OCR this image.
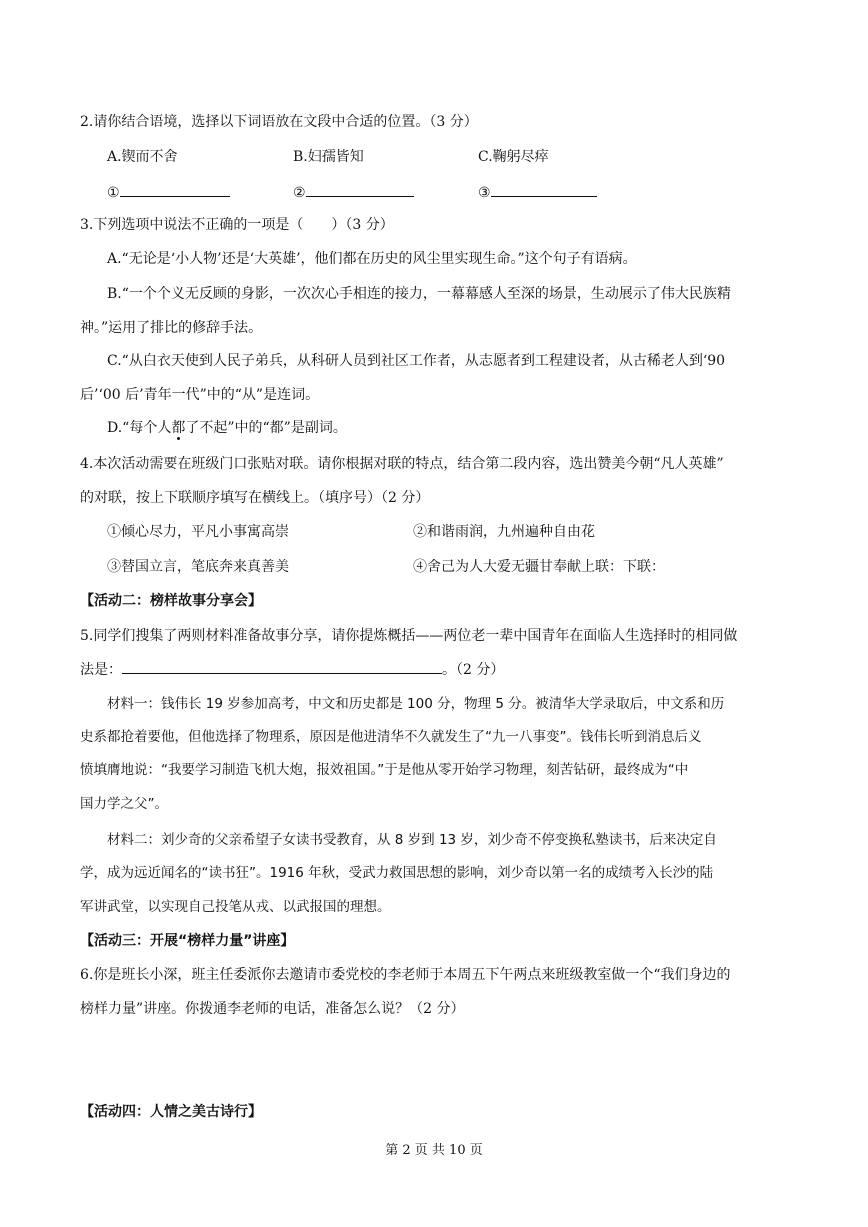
2.请你结合语境，选择以下词语放在文段中合适的位置。（3 分）
A.锲而不舍	B.妇孺皆知	C.鞠躬尽瘁
①	②	③
3.下列选项中说法不正确的一项是（　　）（3 分）
A.“无论是‘小人物’还是‘大英雄’，他们都在历史的风尘里实现生命。”这个句子有语病。
B.“一个个义无反顾的身影，一次次心手相连的接力，一幕幕感人至深的场景，生动展示了伟大民族精
神。”运用了排比的修辞手法。
C.“从白衣天使到人民子弟兵，从科研人员到社区工作者，从志愿者到工程建设者，从古稀老人到‘90
后’‘00 后’青年一代”中的“从”是连词。
D.“每个人都了不起”中的“都”是副词。
4.本次活动需要在班级门口张贴对联。请你根据对联的特点，结合第二段内容，选出赞美今朝“凡人英雄”
的对联，按上下联顺序填写在横线上。（填序号）（2 分）
①倾心尽力，平凡小事寓高崇	②和谐雨润，九州遍种自由花
③替国立言，笔底奔来真善美	④舍己为人大爱无疆甘奉献上联：下联：
【活动二：榜样故事分享会】
5.同学们搜集了两则材料准备故事分享，请你提炼概括——两位老一辈中国青年在面临人生选择时的相同做
法是：	。（2 分）
材料一：钱伟长 19 岁参加高考，中文和历史都是 100 分，物理 5 分。被清华大学录取后，中文系和历
史系都抢着要他，但他选择了物理系，原因是他进清华不久就发生了“九一八事变”。钱伟长听到消息后义
愤填膺地说：“我要学习制造飞机大炮，报效祖国。”于是他从零开始学习物理，刻苦钻研，最终成为“中
国力学之父”。
材料二：刘少奇的父亲希望子女读书受教育，从 8 岁到 13 岁，刘少奇不停变换私塾读书，后来决定自
学，成为远近闻名的“读书狂”。1916 年秋，受武力救国思想的影响，刘少奇以第一名的成绩考入长沙的陆
军讲武堂，以实现自己投笔从戎、以武报国的理想。
【活动三：开展“榜样力量”讲座】
6.你是班长小深，班主任委派你去邀请市委党校的李老师于本周五下午两点来班级教室做一个“我们身边的
榜样力量”讲座。你拨通李老师的电话，准备怎么说？（2 分）
【活动四：人情之美古诗行】
第 2 页 共 10 页
